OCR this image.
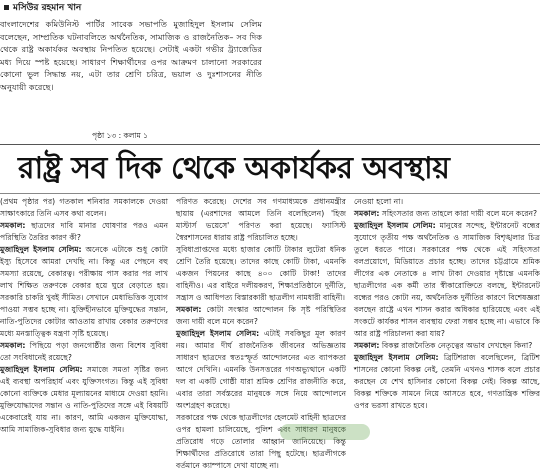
মসিউর রহমান খান

বাংলাদেশের কমিউনিস্ট পার্টির সাবেক সভাপতি মুজাহিদুল ইসলাম সেলিম বলেছেন, সাম্প্রতিক ঘটনাবলিতে অর্থনৈতিক, সামাজিক ও রাজনৈতিক– সব দিক থেকে রাষ্ট্র অকার্যকর অবস্থায় নিপতিত হয়েছে। সেটাই একটা গভীর ট্র্যাজেডির মধ্য দিয়ে স্পষ্ট হয়েছে। সাধারণ শিক্ষার্থীদের ওপর আক্রমণ চালানো সরকারের কোনো ভুল সিদ্ধান্ত নয়, এটা তার শ্রেণি চরিত্র, ভয়াল ও দুঃশাসনের নীতি অনুযায়ী করেছে।

পৃষ্ঠা ১৩ : কলাম ১
রাষ্ট্র সব দিক থেকে অকার্যকর অবস্থায়

(প্রথম পৃষ্ঠার পর) গতকাল শনিবার সমকালকে দেওয়া সাক্ষাৎকারে তিনি এসব কথা বলেন।

সমকাল: ছাত্রদের দাবি মানার ঘোষণার পরও এমন পরিস্থিতি তৈরির কারণ কী?

মুজাহিদুল ইসলাম সেলিম: অনেকে এটাকে শুধু কোটা ইস্যু হিসেবে আমরা দেখছি না। কিন্তু এর পেছনে বহু সমস্যা রয়েছে, বেকারত্ব। পরীক্ষায় পাস করার পর লাখ লাখ শিক্ষিত তরুণকে বেকার হয়ে ঘুরে বেড়াতে হয়। সরকারি চাকরি খুবই সীমিত। সেখানে মেধাভিত্তিক সুযোগ পাওয়া সম্ভব হচ্ছে না। যুক্তিহীনভাবে মুক্তিযুদ্ধের সন্তান, নাতি-পুতিদের কোটার আওতায় রাখায় বেকার তরুণদের মধ্যে মনস্তাত্ত্বিক যন্ত্রণা সৃষ্টি হয়েছে।

সমকাল: পিছিয়ে পড়া জনগোষ্ঠীর জন্য বিশেষ সুবিধা তো সংবিধানেই রয়েছে?

মুজাহিদুল ইসলাম সেলিম: সমাজে সমতা সৃষ্টির জন্য এই ব্যবস্থা অপরিহার্য এবং যুক্তিসংগত। কিন্তু এই সুবিধা কোনো ব্যক্তিকে মেধার মূল্যায়নের মাধ্যমে দেওয়া হয়নি। মুক্তিযোদ্ধাদের সন্তান ও নাতি-পুতিদের সঙ্গে এই বিষয়টি একেবারেই যায় না। কারণ, আমি একজন মুক্তিযোদ্ধা, আমি সামাজিক-সুবিধার জন্য যুদ্ধে যাইনি।

পরিণত করেছে। দেশের সব গণমাধ্যমকে প্রধানমন্ত্রীর ছায়ায় (এরশাদের আমলে তিনি বলেছিলেন) 'হিজ মাস্টার্স ভয়েসে' পরিণত করা হয়েছে। ফ্যাসিস্ট স্বৈরশাসনের ধারায় রাষ্ট্র পরিচালিত হচ্ছে।

সুবিধাপ্রাপ্তদের মধ্যে হাজার কোটি টাকার লুটেরা ধনিক শ্রেণি তৈরি হয়েছে। তাদের কাছে কোটি টাকা, এমনকি একজন পিয়নের কাছে ৪০০ কোটি টাকা! তাদের বাহিনীও। এর বাইরে দলীয়করণ, শিক্ষাপ্রতিষ্ঠানে দুর্নীতি, সন্ত্রাস ও আধিপত্য বিস্তারকারী ছাত্রলীগ নামধারী বাহিনী।

সমকাল: কোটা সংস্কার আন্দোলন কি সৃষ্ট পরিস্থিতির জন্য দায়ী বলে মনে করেন?

মুজাহিদুল ইসলাম সেলিম: এটাই সবকিছুর মূল কারণ নয়। আমার দীর্ঘ রাজনৈতিক জীবনের অভিজ্ঞতায় সাধারণ ছাত্রদের স্বতঃস্ফূর্ত আন্দোলনের এত ব্যাপকতা আগে দেখিনি। এমনকি উনসত্তরের গণঅভ্যুত্থানে একটি দল বা একটি গোষ্ঠী যারা শ্রমিক শ্রেণির রাজনীতি করে, এবার তারা সর্বস্তরের মানুষকে সঙ্গে নিয়ে আন্দোলনে অংশগ্রহণ করেছে।

সরকারের পক্ষ থেকে ছাত্রলীগের হেলমেট বাহিনী ছাত্রদের ওপর হামলা চালিয়েছে, পুলিশ এবং সাধারণ মানুষকে প্রতিরোধ গড়ে তোলার আহ্বান জানিয়েছে। কিন্তু শিক্ষার্থীদের প্রতিরোধে তারা পিছু হটেছে। ছাত্রলীগকে বর্তমানে ক্যাম্পাসে দেখা যাচ্ছে না।

নেওয়া হলো না।

সমকাল: সহিংসতার জন্য তাহলে কারা দায়ী বলে মনে করেন?

মুজাহিদুল ইসলাম সেলিম: মানুষের সন্দেহ, ইন্টারনেট বন্ধের সুযোগে তৃতীয় পক্ষ অর্থনৈতিক ও সামাজিক বিশৃঙ্খলার চিত্র তুলে ধরতে পারে। সরকারের পক্ষ থেকে এই সহিংসতা বলপ্রয়োগে, মিডিয়াতে প্রচার হচ্ছে। তাদের চট্টগ্রামে শ্রমিক লীগের এক নেতাকে ৪ লাখ টাকা দেওয়ার দৃষ্টান্তে এমনকি ছাত্রলীগের এক কর্মী তার স্বীকারোক্তিতে বলছে, ইন্টারনেট বন্ধের পরও কোটা নয়, অর্থনৈতিক দুর্নীতির কারণে বিশেষজ্ঞরা বলছেন রাষ্ট্রে এখন শাসন করার অধিকার হারিয়েছে এবং এই সংকটে কার্যকর শাসন ব্যবস্থায় ফেরা সম্ভব হচ্ছে না। এভাবে কি আর রাষ্ট্র পরিচালনা করা যায়?

সমকাল: বিকল্প রাজনৈতিক নেতৃত্বের অভাব দেখছেন কিনা?

মুজাহিদুল ইসলাম সেলিম: ব্রিটিশরাজ বলেছিলেন, ব্রিটিশ শাসনের কোনো বিকল্প নেই, তেমনি এখনও শাসক বলে প্রচার করছেন যে শেখ হাসিনার কোনো বিকল্প নেই। বিকল্প আছে, বিকল্প শক্তিকে সামনে নিয়ে আসতে হবে, গণতান্ত্রিক শক্তির ওপর ভরসা রাখতে হবে।
